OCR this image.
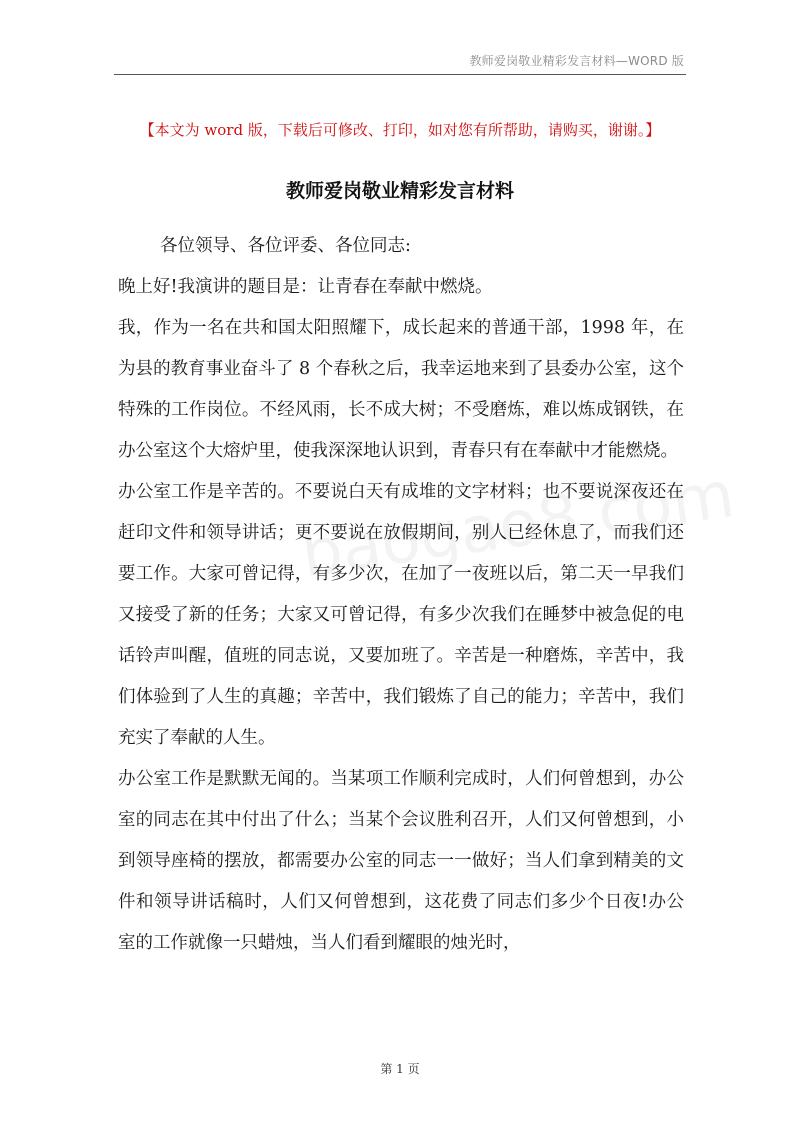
教师爱岗敬业精彩发言材料—WORD 版
【本文为 word 版，下载后可修改、打印，如对您有所帮助，请购买，谢谢。】
教师爱岗敬业精彩发言材料

各位领导、各位评委、各位同志:

晚上好!我演讲的题目是：让青春在奉献中燃烧。

我，作为一名在共和国太阳照耀下，成长起来的普通干部，1998 年，在为县的教育事业奋斗了 8 个春秋之后，我幸运地来到了县委办公室，这个特殊的工作岗位。不经风雨，长不成大树；不受磨炼，难以炼成钢铁，在办公室这个大熔炉里，使我深深地认识到，青春只有在奉献中才能燃烧。

办公室工作是辛苦的。不要说白天有成堆的文字材料；也不要说深夜还在赶印文件和领导讲话；更不要说在放假期间，别人已经休息了，而我们还要工作。大家可曾记得，有多少次，在加了一夜班以后，第二天一早我们又接受了新的任务；大家又可曾记得，有多少次我们在睡梦中被急促的电话铃声叫醒，值班的同志说，又要加班了。辛苦是一种磨炼，辛苦中，我们体验到了人生的真趣；辛苦中，我们锻炼了自己的能力；辛苦中，我们充实了奉献的人生。

办公室工作是默默无闻的。当某项工作顺利完成时，人们何曾想到，办公室的同志在其中付出了什么；当某个会议胜利召开，人们又何曾想到，小到领导座椅的摆放，都需要办公室的同志一一做好；当人们拿到精美的文件和领导讲话稿时，人们又何曾想到，这花费了同志们多少个日夜!办公室的工作就像一只蜡烛，当人们看到耀眼的烛光时，

第 1 页
